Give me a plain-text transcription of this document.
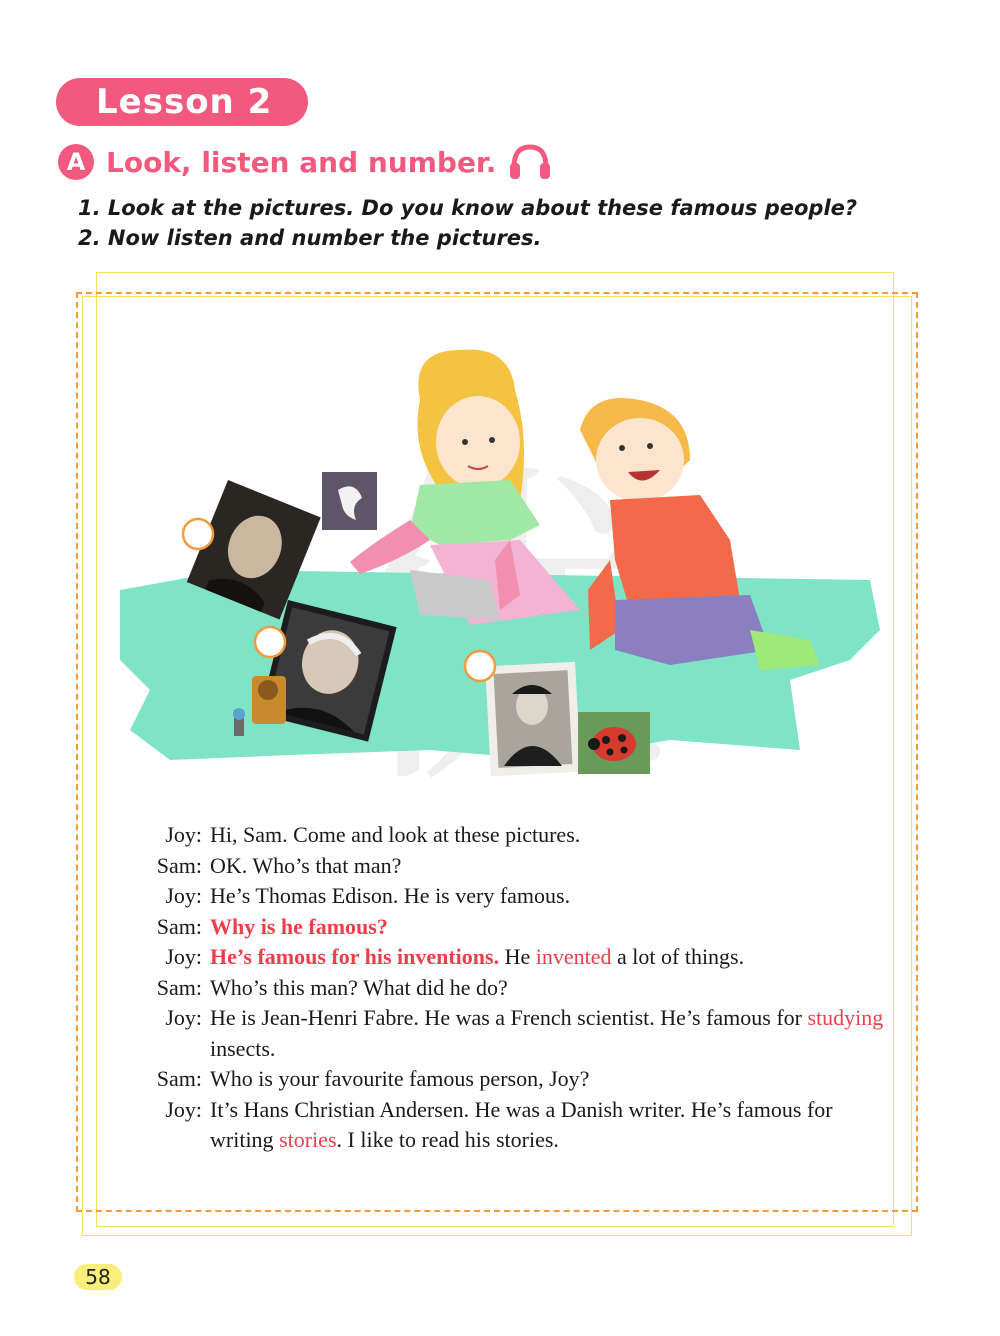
Lesson 2
A Look, listen and number.
1. Look at the pictures. Do you know about these famous people?
2. Now listen and number the pictures.
Joy: Hi, Sam. Come and look at these pictures.
Sam: OK. Who’s that man?
Joy: He’s Thomas Edison. He is very famous.
Sam: Why is he famous?
Joy: He’s famous for his inventions. He invented a lot of things.
Sam: Who’s this man? What did he do?
Joy: He is Jean-Henri Fabre. He was a French scientist. He’s famous for studying insects.
Sam: Who is your favourite famous person, Joy?
Joy: It’s Hans Christian Andersen. He was a Danish writer. He’s famous for writing stories. I like to read his stories.
58
